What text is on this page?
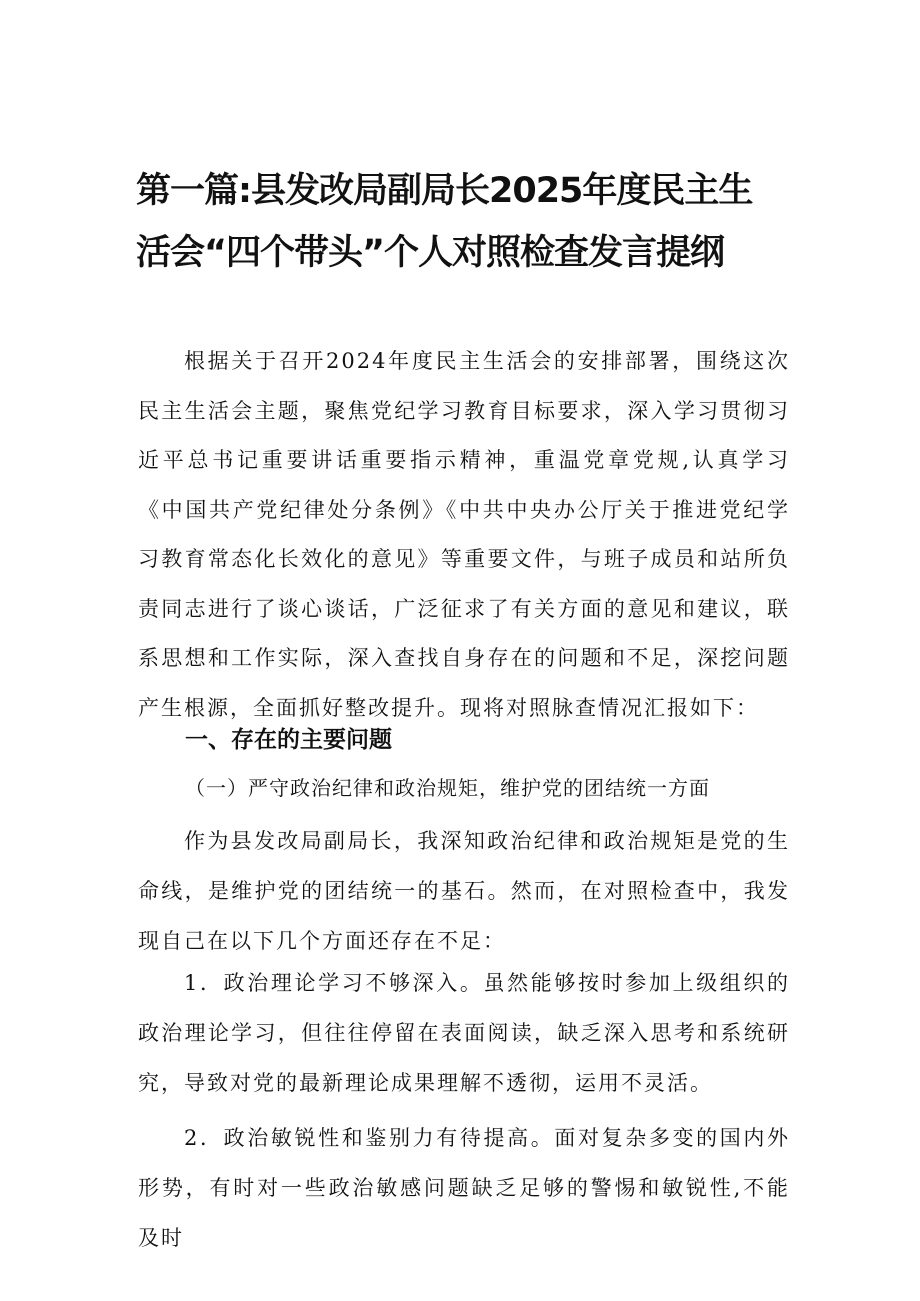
第一篇:县发改局副局长2025年度民主生
活会“四个带头”个人对照检查发言提纲
根据关于召开2024年度民主生活会的安排部署，围绕这次民主生活会主题，聚焦党纪学习教育目标要求，深入学习贯彻习近平总书记重要讲话重要指示精神，重温党章党规,认真学习《中国共产党纪律处分条例》《中共中央办公厅关于推进党纪学习教育常态化长效化的意见》等重要文件，与班子成员和站所负责同志进行了谈心谈话，广泛征求了有关方面的意见和建议，联系思想和工作实际，深入查找自身存在的问题和不足，深挖问题产生根源，全面抓好整改提升。现将对照脉查情况汇报如下：
一、存在的主要问题
（一）严守政治纪律和政治规矩，维护党的团结统一方面
作为县发改局副局长，我深知政治纪律和政治规矩是党的生命线，是维护党的团结统一的基石。然而，在对照检查中，我发现自己在以下几个方面还存在不足：
1．政治理论学习不够深入。虽然能够按时参加上级组织的政治理论学习，但往往停留在表面阅读，缺乏深入思考和系统研究，导致对党的最新理论成果理解不透彻，运用不灵活。
2．政治敏锐性和鉴别力有待提高。面对复杂多变的国内外形势，有时对一些政治敏感问题缺乏足够的警惕和敏锐性,不能及时
